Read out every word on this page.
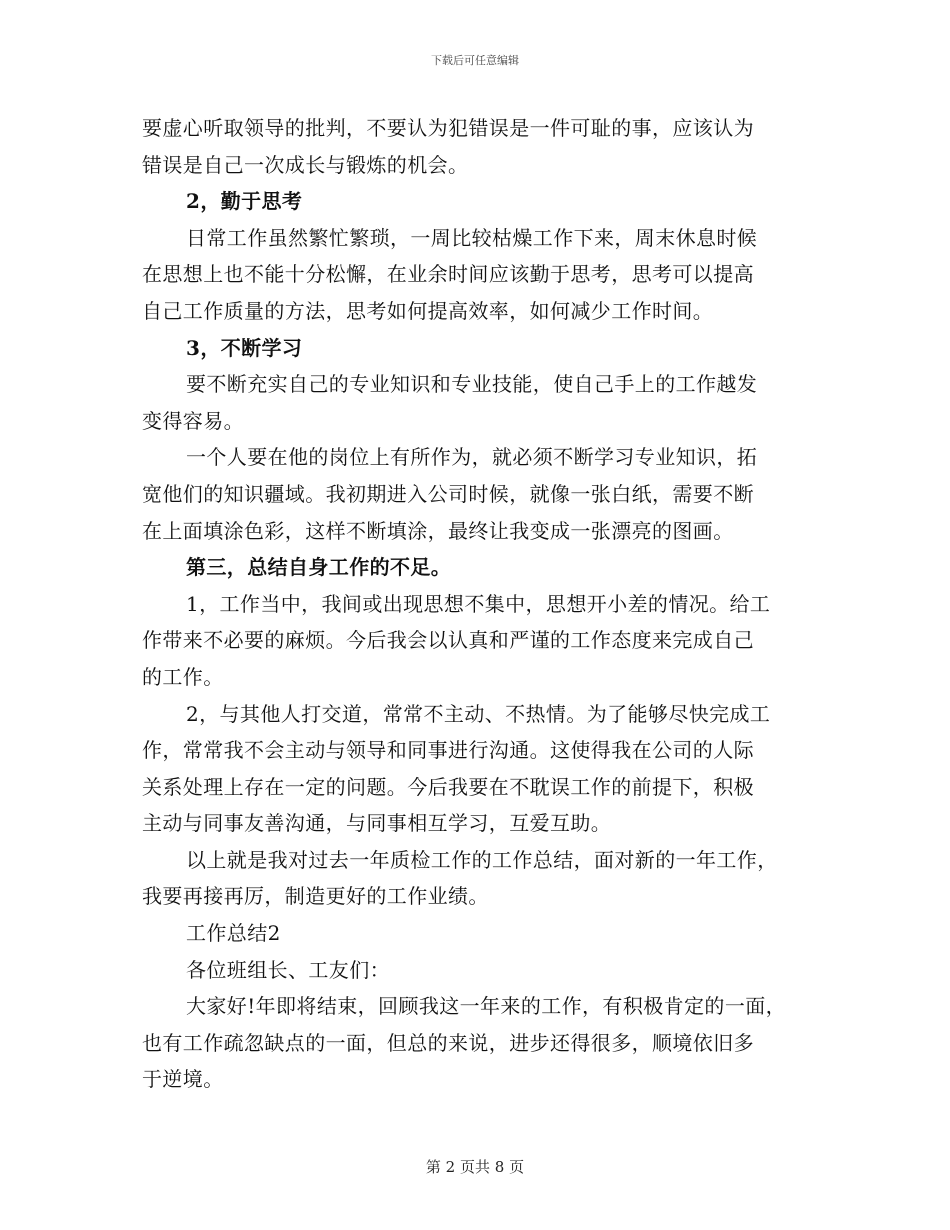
下载后可任意编辑
要虚心听取领导的批判，不要认为犯错误是一件可耻的事，应该认为
错误是自己一次成长与锻炼的机会。
2，勤于思考
日常工作虽然繁忙繁琐，一周比较枯燥工作下来，周末休息时候
在思想上也不能十分松懈，在业余时间应该勤于思考，思考可以提高
自己工作质量的方法，思考如何提高效率，如何减少工作时间。
3，不断学习
要不断充实自己的专业知识和专业技能，使自己手上的工作越发
变得容易。
一个人要在他的岗位上有所作为，就必须不断学习专业知识，拓
宽他们的知识疆域。我初期进入公司时候，就像一张白纸，需要不断
在上面填涂色彩，这样不断填涂，最终让我变成一张漂亮的图画。
第三，总结自身工作的不足。
1，工作当中，我间或出现思想不集中，思想开小差的情况。给工
作带来不必要的麻烦。今后我会以认真和严谨的工作态度来完成自己
的工作。
2，与其他人打交道，常常不主动、不热情。为了能够尽快完成工
作，常常我不会主动与领导和同事进行沟通。这使得我在公司的人际
关系处理上存在一定的问题。今后我要在不耽误工作的前提下，积极
主动与同事友善沟通，与同事相互学习，互爱互助。
以上就是我对过去一年质检工作的工作总结，面对新的一年工作，
我要再接再厉，制造更好的工作业绩。
工作总结2
各位班组长、工友们：
大家好!年即将结束，回顾我这一年来的工作，有积极肯定的一面，
也有工作疏忽缺点的一面，但总的来说，进步还得很多，顺境依旧多
于逆境。
第 2 页共 8 页
